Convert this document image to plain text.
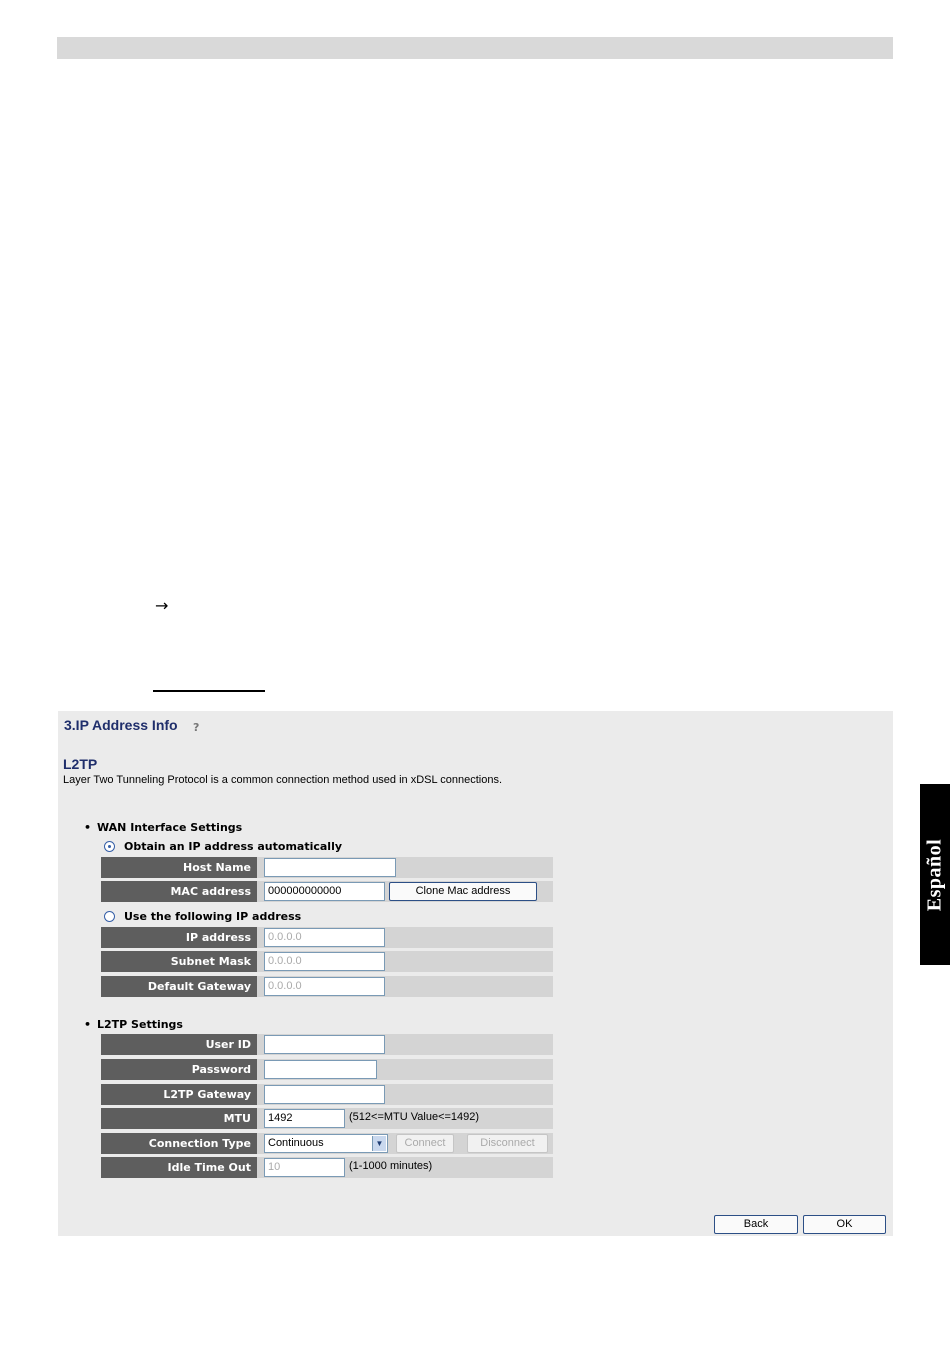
→
Español
3.IP Address Info ?
L2TP
Layer Two Tunneling Protocol is a common connection method used in xDSL connections.
• WAN Interface Settings
Obtain an IP address automatically
Host Name
MAC address	000000000000	Clone Mac address
Use the following IP address
IP address	0.0.0.0
Subnet Mask	0.0.0.0
Default Gateway	0.0.0.0
• L2TP Settings
User ID
Password
L2TP Gateway
MTU	1492	(512<=MTU Value<=1492)
Connection Type	Continuous	▼	Connect	Disconnect
Idle Time Out	10	(1-1000 minutes)
Back	OK
